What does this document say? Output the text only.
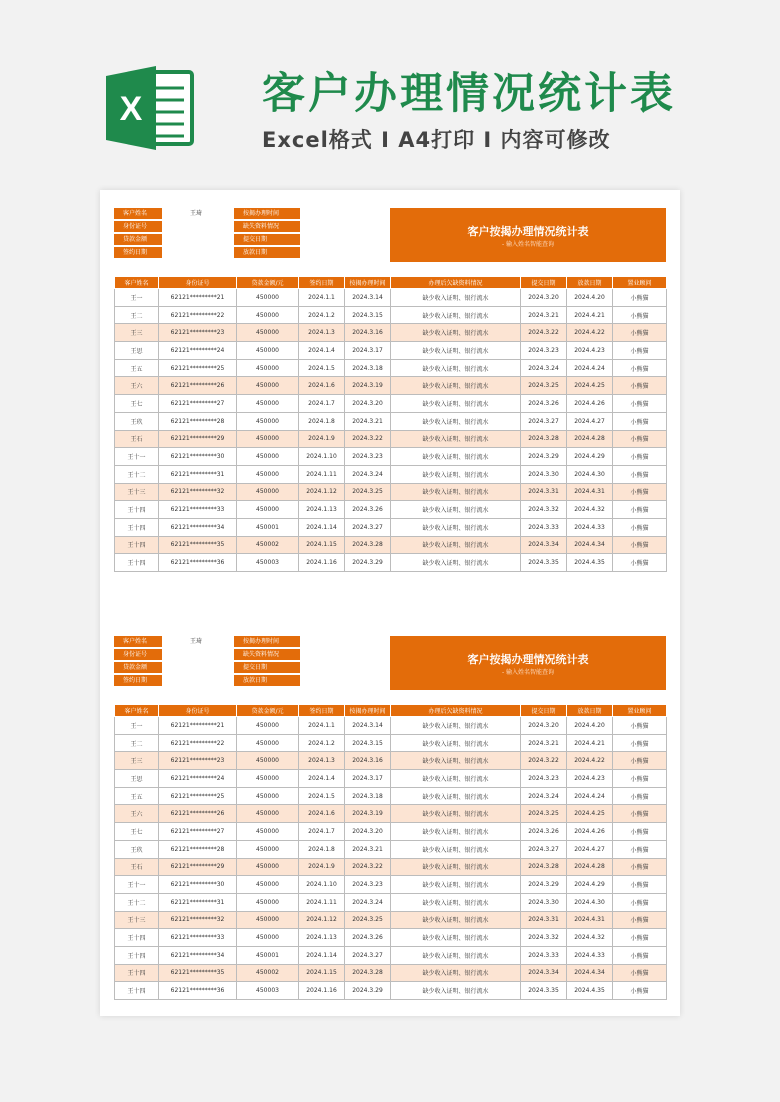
X	客户办理情况统计表
Excel格式 I A4打印 I 内容可修改
客户姓名
身份证号
贷款金额
签约日期
王琦	按揭办理时间
缺失资料情况
提交日期
放款日期
客户按揭办理情况统计表
- 输入姓名智能查询
客户姓名	身份证号	贷款金额/元	签约日期	按揭办理时间	办理后欠缺资料情况	提交日期	放款日期	置业顾问
王一	62121*********21	450000	2024.1.1	2024.3.14	缺少收入证明、银行流水	2024.3.20	2024.4.20	小熊猫
王二	62121*********22	450000	2024.1.2	2024.3.15	缺少收入证明、银行流水	2024.3.21	2024.4.21	小熊猫
王三	62121*********23	450000	2024.1.3	2024.3.16	缺少收入证明、银行流水	2024.3.22	2024.4.22	小熊猫
王思	62121*********24	450000	2024.1.4	2024.3.17	缺少收入证明、银行流水	2024.3.23	2024.4.23	小熊猫
王五	62121*********25	450000	2024.1.5	2024.3.18	缺少收入证明、银行流水	2024.3.24	2024.4.24	小熊猫
王六	62121*********26	450000	2024.1.6	2024.3.19	缺少收入证明、银行流水	2024.3.25	2024.4.25	小熊猫
王七	62121*********27	450000	2024.1.7	2024.3.20	缺少收入证明、银行流水	2024.3.26	2024.4.26	小熊猫
王玖	62121*********28	450000	2024.1.8	2024.3.21	缺少收入证明、银行流水	2024.3.27	2024.4.27	小熊猫
王石	62121*********29	450000	2024.1.9	2024.3.22	缺少收入证明、银行流水	2024.3.28	2024.4.28	小熊猫
王十一	62121*********30	450000	2024.1.10	2024.3.23	缺少收入证明、银行流水	2024.3.29	2024.4.29	小熊猫
王十二	62121*********31	450000	2024.1.11	2024.3.24	缺少收入证明、银行流水	2024.3.30	2024.4.30	小熊猫
王十三	62121*********32	450000	2024.1.12	2024.3.25	缺少收入证明、银行流水	2024.3.31	2024.4.31	小熊猫
王十四	62121*********33	450000	2024.1.13	2024.3.26	缺少收入证明、银行流水	2024.3.32	2024.4.32	小熊猫
王十四	62121*********34	450001	2024.1.14	2024.3.27	缺少收入证明、银行流水	2024.3.33	2024.4.33	小熊猫
王十四	62121*********35	450002	2024.1.15	2024.3.28	缺少收入证明、银行流水	2024.3.34	2024.4.34	小熊猫
王十四	62121*********36	450003	2024.1.16	2024.3.29	缺少收入证明、银行流水	2024.3.35	2024.4.35	小熊猫
客户姓名
身份证号
贷款金额
签约日期
王琦	按揭办理时间
缺失资料情况
提交日期
放款日期
客户按揭办理情况统计表
- 输入姓名智能查询
客户姓名	身份证号	贷款金额/元	签约日期	按揭办理时间	办理后欠缺资料情况	提交日期	放款日期	置业顾问
王一	62121*********21	450000	2024.1.1	2024.3.14	缺少收入证明、银行流水	2024.3.20	2024.4.20	小熊猫
王二	62121*********22	450000	2024.1.2	2024.3.15	缺少收入证明、银行流水	2024.3.21	2024.4.21	小熊猫
王三	62121*********23	450000	2024.1.3	2024.3.16	缺少收入证明、银行流水	2024.3.22	2024.4.22	小熊猫
王思	62121*********24	450000	2024.1.4	2024.3.17	缺少收入证明、银行流水	2024.3.23	2024.4.23	小熊猫
王五	62121*********25	450000	2024.1.5	2024.3.18	缺少收入证明、银行流水	2024.3.24	2024.4.24	小熊猫
王六	62121*********26	450000	2024.1.6	2024.3.19	缺少收入证明、银行流水	2024.3.25	2024.4.25	小熊猫
王七	62121*********27	450000	2024.1.7	2024.3.20	缺少收入证明、银行流水	2024.3.26	2024.4.26	小熊猫
王玖	62121*********28	450000	2024.1.8	2024.3.21	缺少收入证明、银行流水	2024.3.27	2024.4.27	小熊猫
王石	62121*********29	450000	2024.1.9	2024.3.22	缺少收入证明、银行流水	2024.3.28	2024.4.28	小熊猫
王十一	62121*********30	450000	2024.1.10	2024.3.23	缺少收入证明、银行流水	2024.3.29	2024.4.29	小熊猫
王十二	62121*********31	450000	2024.1.11	2024.3.24	缺少收入证明、银行流水	2024.3.30	2024.4.30	小熊猫
王十三	62121*********32	450000	2024.1.12	2024.3.25	缺少收入证明、银行流水	2024.3.31	2024.4.31	小熊猫
王十四	62121*********33	450000	2024.1.13	2024.3.26	缺少收入证明、银行流水	2024.3.32	2024.4.32	小熊猫
王十四	62121*********34	450001	2024.1.14	2024.3.27	缺少收入证明、银行流水	2024.3.33	2024.4.33	小熊猫
王十四	62121*********35	450002	2024.1.15	2024.3.28	缺少收入证明、银行流水	2024.3.34	2024.4.34	小熊猫
王十四	62121*********36	450003	2024.1.16	2024.3.29	缺少收入证明、银行流水	2024.3.35	2024.4.35	小熊猫
